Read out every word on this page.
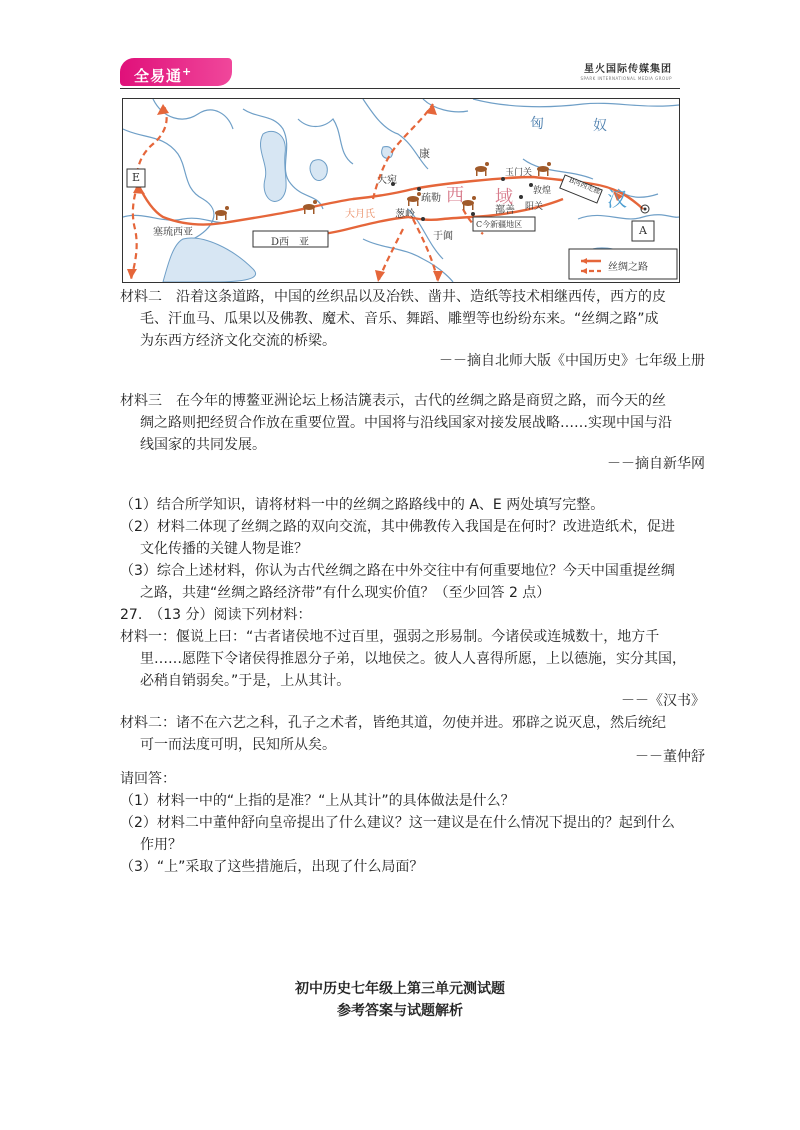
全易通+	星火国际传媒集团
SPARK INTERNATIONAL MEDIA GROUP
匈	奴
康
大宛
疏勒
玉门关
敦煌
阳关
西 域
鄯善
葱岭
大月氏
于阗
汉
B河西走廊
C今新疆地区
D西　亚
E
A
塞琉西亚
丝绸之路
材料二　沿着这条道路，中国的丝织品以及冶铁、凿井、造纸等技术相继西传，西方的皮
毛、汗血马、瓜果以及佛教、魔术、音乐、舞蹈、雕塑等也纷纷东来。“丝绸之路”成
为东西方经济文化交流的桥梁。
－－摘自北师大版《中国历史》七年级上册
材料三　在今年的博鳌亚洲论坛上杨洁篪表示，古代的丝绸之路是商贸之路，而今天的丝
绸之路则把经贸合作放在重要位置。中国将与沿线国家对接发展战略……实现中国与沿
线国家的共同发展。
－－摘自新华网
（1）结合所学知识，请将材料一中的丝绸之路路线中的 A、E 两处填写完整。
（2）材料二体现了丝绸之路的双向交流，其中佛教传入我国是在何时？改进造纸术，促进
文化传播的关键人物是谁？
（3）综合上述材料，你认为古代丝绸之路在中外交往中有何重要地位？今天中国重提丝绸
之路，共建“丝绸之路经济带”有什么现实价值？（至少回答 2 点）
27.　（13 分）阅读下列材料：
材料一：偃说上曰：“古者诸侯地不过百里，强弱之形易制。今诸侯或连城数十，地方千
里……愿陛下令诸侯得推恩分子弟，以地侯之。彼人人喜得所愿，上以德施，实分其国，
必稍自销弱矣。”于是，上从其计。
－－《汉书》
材料二：诸不在六艺之科，孔子之术者，皆绝其道，勿使并进。邪辟之说灭息，然后统纪
可一而法度可明，民知所从矣。
－－董仲舒
请回答：
（1）材料一中的“上指的是准？“上从其计”的具体做法是什么？
（2）材料二中董仲舒向皇帝提出了什么建议？这一建议是在什么情况下提出的？起到什么
作用？
（3）“上”采取了这些措施后，出现了什么局面？
初中历史七年级上第三单元测试题
参考答案与试题解析
